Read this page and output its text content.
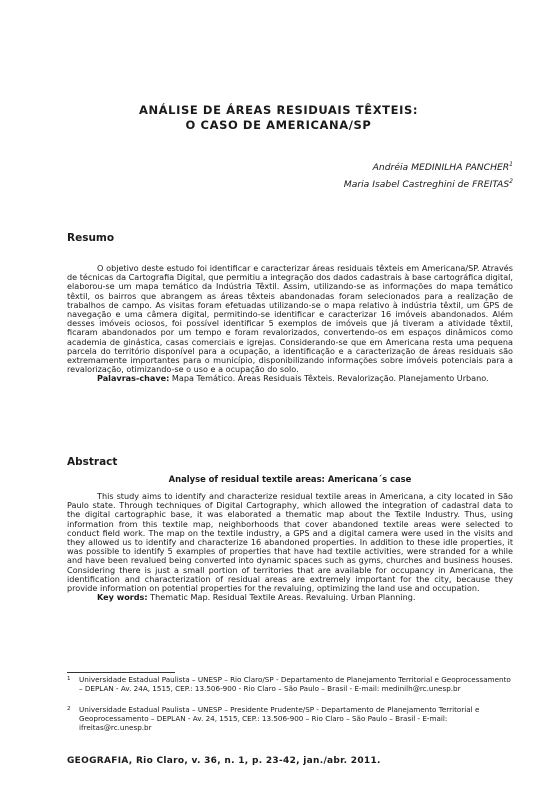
ANÁLISE DE ÁREAS RESIDUAIS TÊXTEIS:
O CASO DE AMERICANA/SP
Andréia MEDINILHA PANCHER$^1$
Maria Isabel Castreghini de FREITAS$^2$
Resumo

O objetivo deste estudo foi identificar e caracterizar áreas residuais têxteis em Americana/SP. Através de técnicas da Cartografia Digital, que permitiu a integração dos dados cadastrais à base cartográfica digital, elaborou-se um mapa temático da Indústria Têxtil. Assim, utilizando-se as informações do mapa temático têxtil, os bairros que abrangem as áreas têxteis abandonadas foram selecionados para a realização de trabalhos de campo. As visitas foram efetuadas utilizando-se o mapa relativo à indústria têxtil, um GPS de navegação e uma câmera digital, permitindo-se identificar e caracterizar 16 imóveis abandonados. Além desses imóveis ociosos, foi possível identificar 5 exemplos de imóveis que já tiveram a atividade têxtil, ficaram abandonados por um tempo e foram revalorizados, convertendo-os em espaços dinâmicos como academia de ginástica, casas comerciais e igrejas. Considerando-se que em Americana resta uma pequena parcela do território disponível para a ocupação, a identificação e a caracterização de áreas residuais são extremamente importantes para o município, disponibilizando informações sobre imóveis potenciais para a revalorização, otimizando-se o uso e a ocupação do solo.

Palavras-chave: Mapa Temático. Áreas Residuais Têxteis. Revalorização. Planejamento Urbano.

Abstract
Analyse of residual textile areas: Americana´s case

This study aims to identify and characterize residual textile areas in Americana, a city located in São Paulo state. Through techniques of Digital Cartography, which allowed the integration of cadastral data to the digital cartographic base, it was elaborated a thematic map about the Textile Industry. Thus, using information from this textile map, neighborhoods that cover abandoned textile areas were selected to conduct field work. The map on the textile industry, a GPS and a digital camera were used in the visits and they allowed us to identify and characterize 16 abandoned properties. In addition to these idle properties, it was possible to identify 5 examples of properties that have had textile activities, were stranded for a while and have been revalued being converted into dynamic spaces such as gyms, churches and business houses. Considering there is just a small portion of territories that are available for occupancy in Americana, the identification and characterization of residual areas are extremely important for the city, because they provide information on potential properties for the revaluing, optimizing the land use and occupation.

Key words: Thematic Map. Residual Textile Areas. Revaluing. Urban Planning.

1 Universidade Estadual Paulista – UNESP – Rio Claro/SP - Departamento de Planejamento Territorial e Geoprocessamento – DEPLAN - Av. 24A, 1515, CEP.: 13.506-900 - Rio Claro – São Paulo – Brasil - E-mail: medinilh@rc.unesp.br
2 Universidade Estadual Paulista – UNESP – Presidente Prudente/SP - Departamento de Planejamento Territorial e Geoprocessamento – DEPLAN - Av. 24, 1515, CEP.: 13.506-900 – Rio Claro – São Paulo – Brasil - E-mail: ifreitas@rc.unesp.br
GEOGRAFIA, Rio Claro, v. 36, n. 1, p. 23-42, jan./abr. 2011.
